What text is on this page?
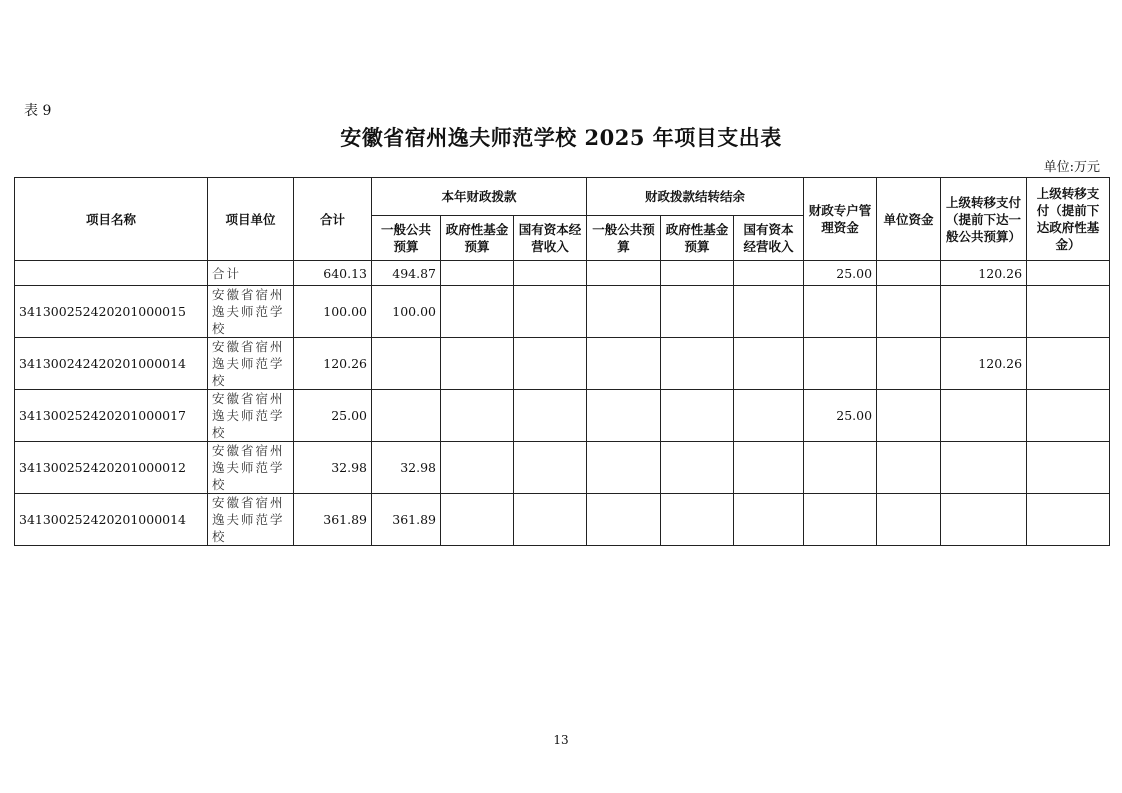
表 9
安徽省宿州逸夫师范学校 2025 年项目支出表
单位:万元
项目名称	项目单位	合计	本年财政拨款			财政拨款结转结余			财政专户管理资金	单位资金	上级转移支付（提前下达一般公共预算）	上级转移支付（提前下达政府性基金）
			一般公共预算	政府性基金预算	国有资本经营收入	一般公共预算	政府性基金预算	国有资本经营收入				
	合计	640.13	494.87						25.00		120.26	
341300252420201000015	安徽省宿州逸夫师范学校	100.00	100.00									
341300242420201000014	安徽省宿州逸夫师范学校	120.26									120.26	
341300252420201000017	安徽省宿州逸夫师范学校	25.00							25.00			
341300252420201000012	安徽省宿州逸夫师范学校	32.98	32.98									
341300252420201000014	安徽省宿州逸夫师范学校	361.89	361.89									
13
